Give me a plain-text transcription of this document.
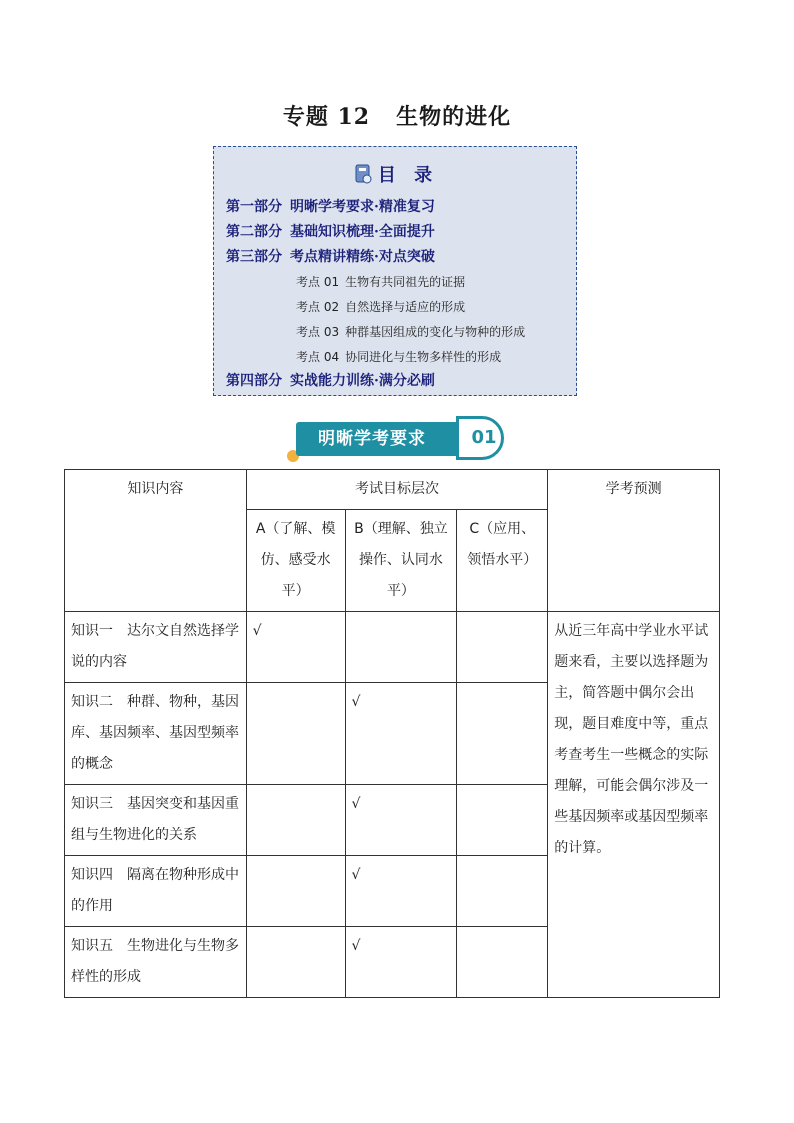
专题 12 生物的进化
目 录
第一部分 明晰学考要求·精准复习
第二部分 基础知识梳理·全面提升
第三部分 考点精讲精练·对点突破
考点 01 生物有共同祖先的证据
考点 02 自然选择与适应的形成
考点 03 种群基因组成的变化与物种的形成
考点 04 协同进化与生物多样性的形成
第四部分 实战能力训练·满分必刷
明晰学考要求	01
知识内容	考试目标层次			学考预测
	A（了解、模仿、感受水平）	B（理解、独立操作、认同水平）	C（应用、领悟水平）	
知识一　达尔文自然选择学说的内容	√			从近三年高中学业水平试题来看，主要以选择题为主，简答题中偶尔会出现，题目难度中等，重点考查考生一些概念的实际理解，可能会偶尔涉及一些基因频率或基因型频率的计算。
知识二　种群、物种，基因库、基因频率、基因型频率的概念		√		
知识三　基因突变和基因重组与生物进化的关系		√		
知识四　隔离在物种形成中的作用		√		
知识五　生物进化与生物多样性的形成		√		
